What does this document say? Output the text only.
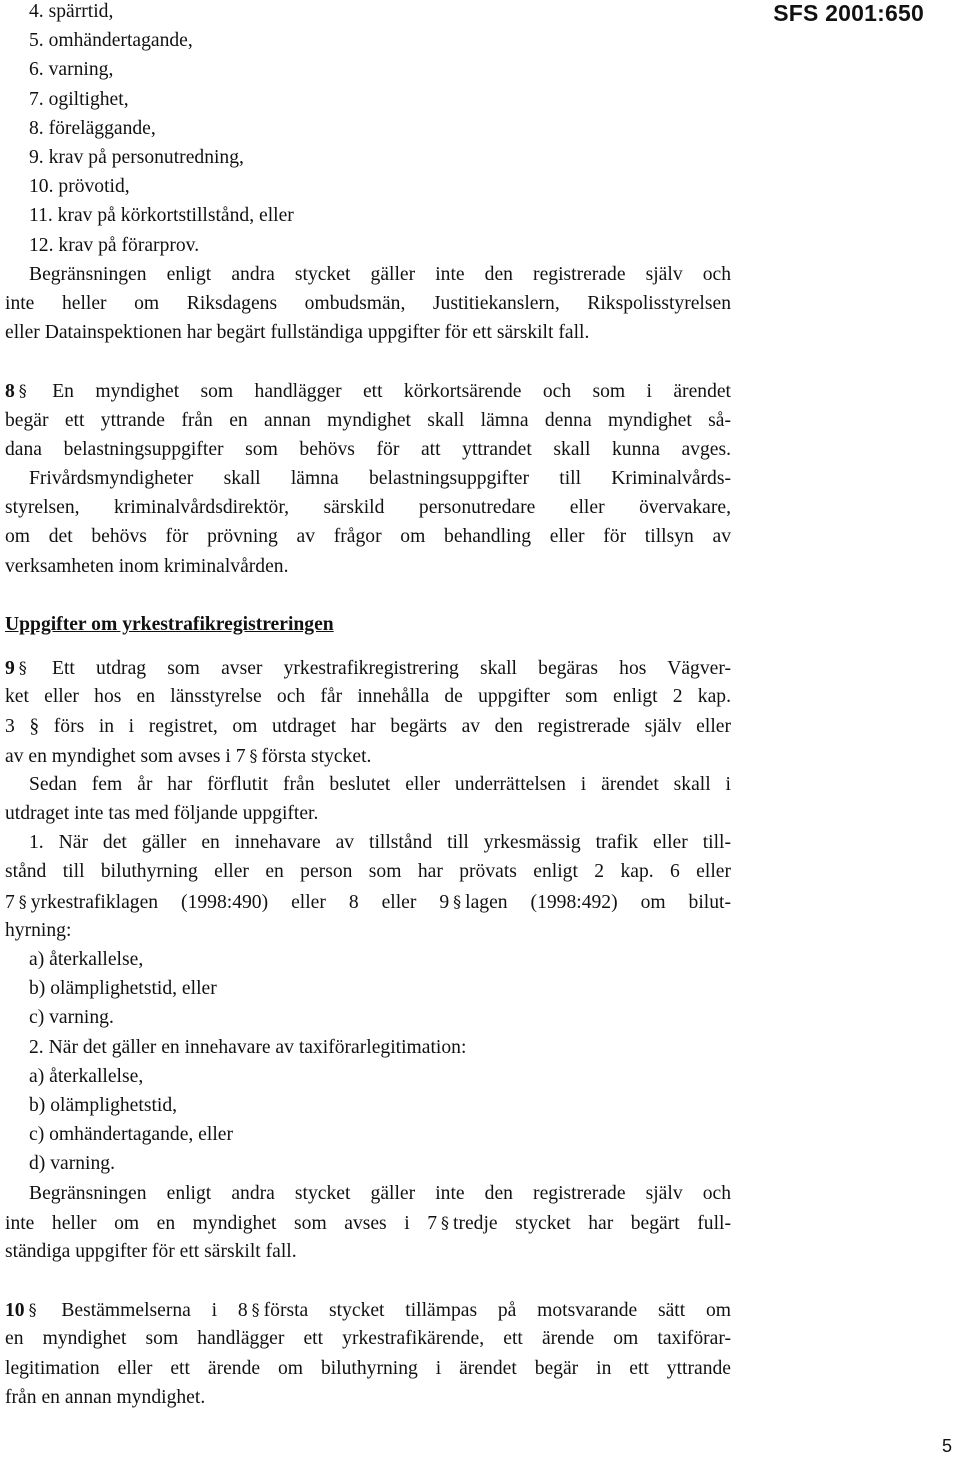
SFS 2001:650
4. spärrtid,
5. omhändertagande,
6. varning,
7. ogiltighet,
8. föreläggande,
9. krav på personutredning,
10. prövotid,
11. krav på körkortstillstånd, eller
12. krav på förarprov.
Begränsningen enligt andra stycket gäller inte den registrerade själv och
inte heller om Riksdagens ombudsmän, Justitiekanslern, Rikspolisstyrelsen
eller Datainspektionen har begärt fullständiga uppgifter för ett särskilt fall.
8 § En myndighet som handlägger ett körkortsärende och som i ärendet
begär ett yttrande från en annan myndighet skall lämna denna myndighet så-
dana belastningsuppgifter som behövs för att yttrandet skall kunna avges.
Frivårdsmyndigheter skall lämna belastningsuppgifter till Kriminalvårds-
styrelsen, kriminalvårdsdirektör, särskild personutredare eller övervakare,
om det behövs för prövning av frågor om behandling eller för tillsyn av
verksamheten inom kriminalvården.
Uppgifter om yrkestrafikregistreringen
9 § Ett utdrag som avser yrkestrafikregistrering skall begäras hos Vägver-
ket eller hos en länsstyrelse och får innehålla de uppgifter som enligt 2 kap.
3 § förs in i registret, om utdraget har begärts av den registrerade själv eller
av en myndighet som avses i 7 § första stycket.
Sedan fem år har förflutit från beslutet eller underrättelsen i ärendet skall i
utdraget inte tas med följande uppgifter.
1. När det gäller en innehavare av tillstånd till yrkesmässig trafik eller till-
stånd till biluthyrning eller en person som har prövats enligt 2 kap. 6 eller
7 § yrkestrafiklagen (1998:490) eller 8 eller 9 § lagen (1998:492) om bilut-
hyrning:
a) återkallelse,
b) olämplighetstid, eller
c) varning.
2. När det gäller en innehavare av taxiförarlegitimation:
a) återkallelse,
b) olämplighetstid,
c) omhändertagande, eller
d) varning.
Begränsningen enligt andra stycket gäller inte den registrerade själv och
inte heller om en myndighet som avses i 7 § tredje stycket har begärt full-
ständiga uppgifter för ett särskilt fall.
10 § Bestämmelserna i 8 § första stycket tillämpas på motsvarande sätt om
en myndighet som handlägger ett yrkestrafikärende, ett ärende om taxiförar-
legitimation eller ett ärende om biluthyrning i ärendet begär in ett yttrande
från en annan myndighet.
5
